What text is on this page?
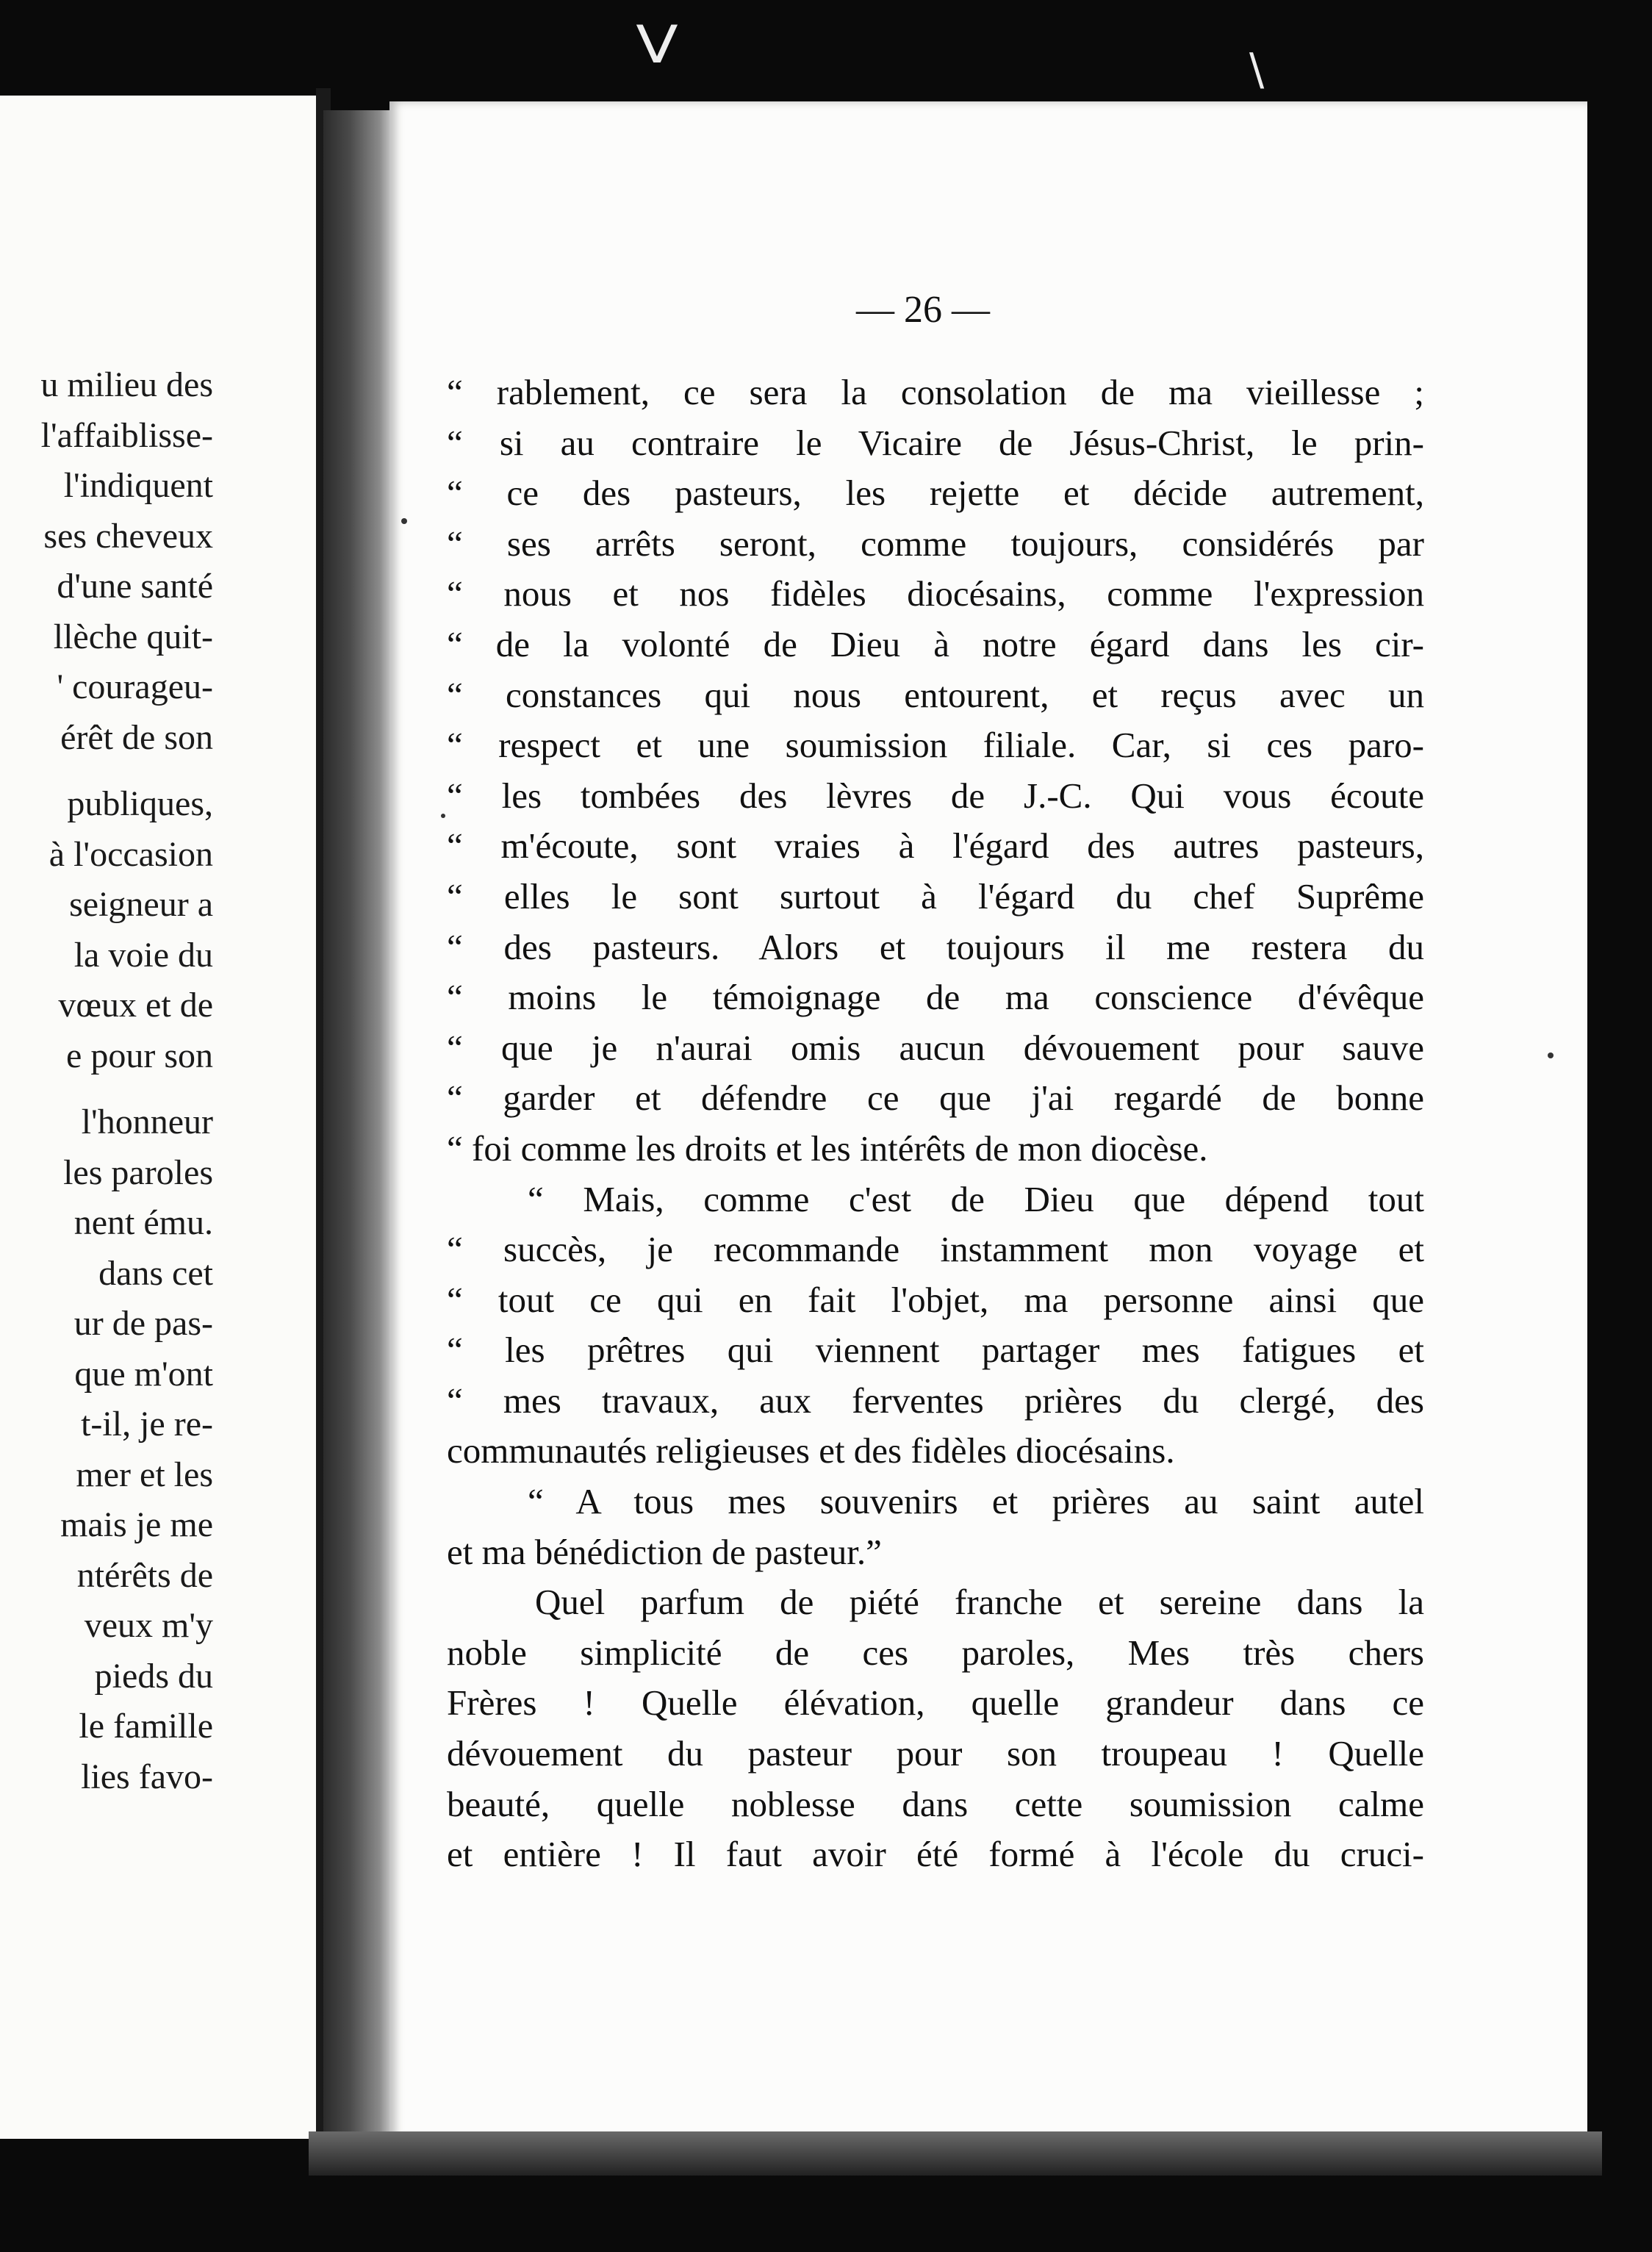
V	\
u milieu des
l'affaiblisse-
l'indiquent
ses cheveux
d'une santé
llèche quit-
' courageu-
érêt de son
publiques,
à l'occasion
seigneur a
la voie du
vœux et de
e pour son
l'honneur
les paroles
nent ému.
dans cet
ur de pas-
que m'ont
t-il, je re-
mer et les
mais je me
ntérêts de
veux m'y
pieds du
le famille
lies favo-
— 26 —
“ rablement, ce sera la consolation de ma vieillesse ;
“ si au contraire le Vicaire de Jésus-Christ, le prin-
“ ce des pasteurs, les rejette et décide autrement,
“ ses arrêts seront, comme toujours, considérés par
“ nous et nos fidèles diocésains, comme l'expression
“ de la volonté de Dieu à notre égard dans les cir-
“ constances qui nous entourent, et reçus avec un
“ respect et une soumission filiale. Car, si ces paro-
“ les tombées des lèvres de J.-C. Qui vous écoute
“ m'écoute, sont vraies à l'égard des autres pasteurs,
“ elles le sont surtout à l'égard du chef Suprême
“ des pasteurs. Alors et toujours il me restera du
“ moins le témoignage de ma conscience d'évêque
“ que je n'aurai omis aucun dévouement pour sauve
“ garder et défendre ce que j'ai regardé de bonne
“ foi comme les droits et les intérêts de mon diocèse.
“ Mais, comme c'est de Dieu que dépend tout
“ succès, je recommande instamment mon voyage et
“ tout ce qui en fait l'objet, ma personne ainsi que
“ les prêtres qui viennent partager mes fatigues et
“ mes travaux, aux ferventes prières du clergé, des
communautés religieuses et des fidèles diocésains.
“ A tous mes souvenirs et prières au saint autel
et ma bénédiction de pasteur.”
Quel parfum de piété franche et sereine dans la
noble simplicité de ces paroles, Mes très chers
Frères ! Quelle élévation, quelle grandeur dans ce
dévouement du pasteur pour son troupeau ! Quelle
beauté, quelle noblesse dans cette soumission calme
et entière ! Il faut avoir été formé à l'école du cruci-
